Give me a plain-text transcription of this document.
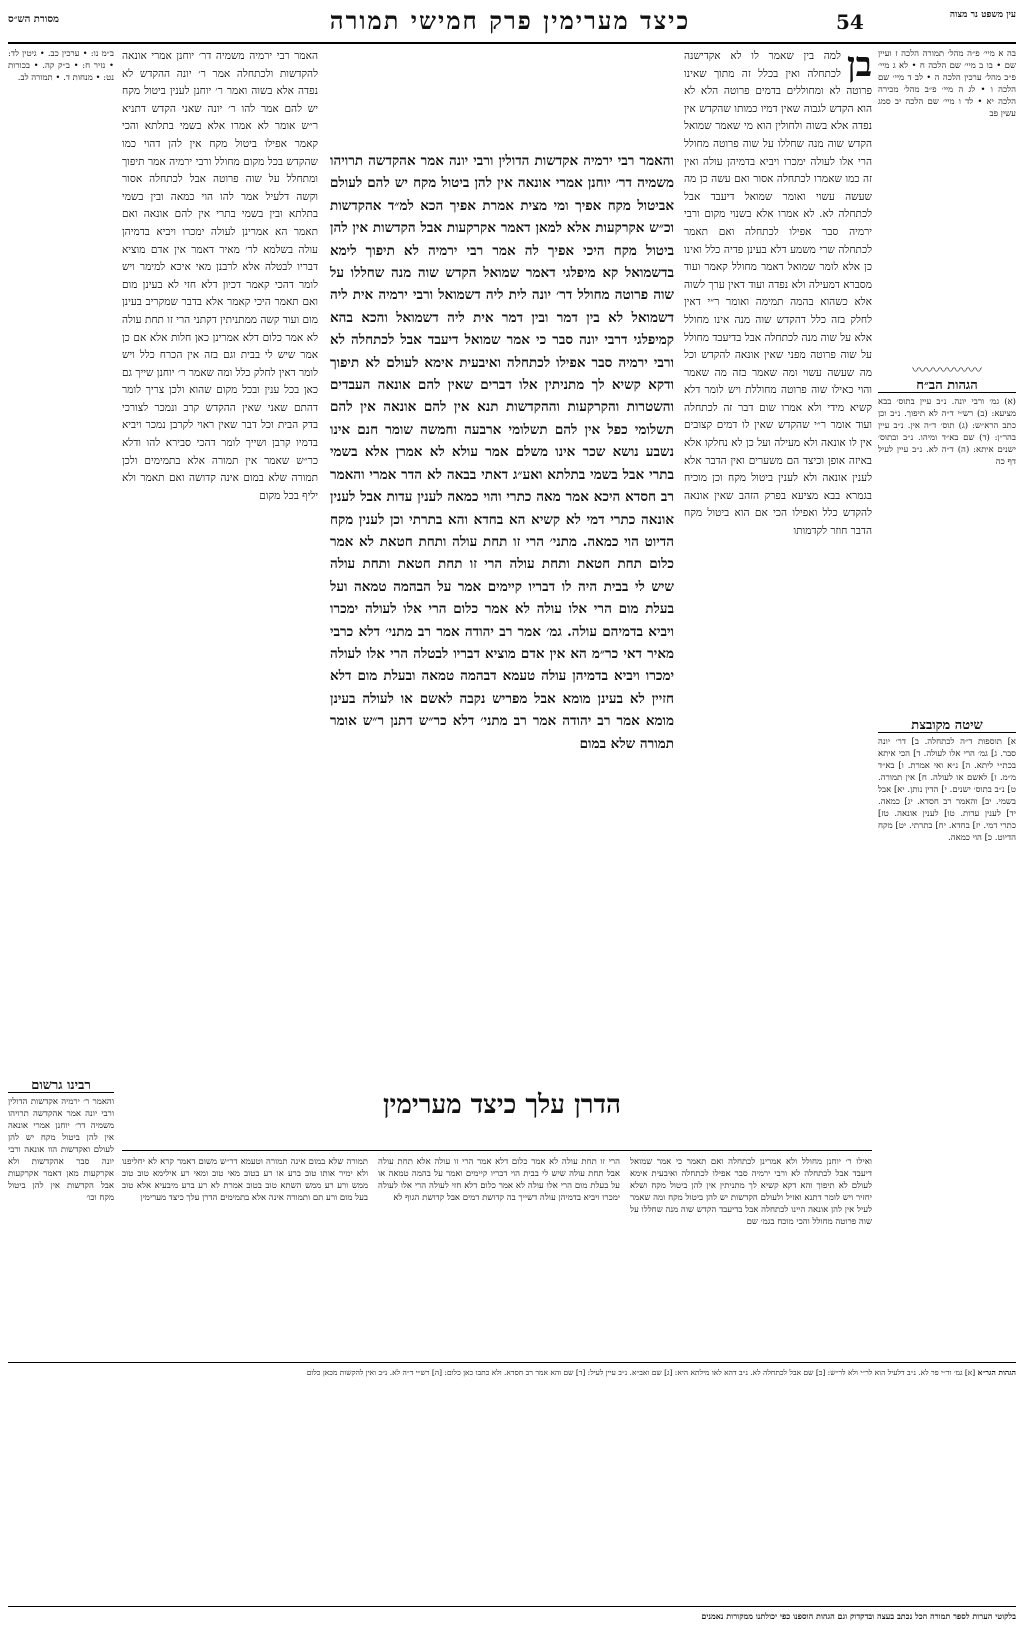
עין משפט נר מצוה
54
כיצד מערימין פרק חמישי תמורה
מסורת הש״ס
בה א מיי׳ פ״ה מהל׳ תמורה הלכה ז ועיין שם • בו ב מיי׳ שם הלכה ח • לא ג מיי׳ פ״ב מהל׳ ערכין הלכה ה • לב ד מיי׳ שם הלכה ו • לג ה מיי׳ פ״ב מהל׳ מכירה הלכה יא • לד ו מיי׳ שם הלכה יב סמג עשין פב
〰〰〰〰〰
הגהות הב״ח
(א) גמ׳ ורבי יונה. נ״ב עיין בתוס׳ בבא מציעא: (ב) רש״י ד״ה לא תיפוך. נ״ב וכן כתב הרא״ש: (ג) תוס׳ ד״ה אין. נ״ב עיין בהר״ן: (ד) שם בא״ד ומיהו. נ״ב ובתוס׳ ישנים איתא: (ה) ד״ה לא. נ״ב עיין לעיל דף כה
שיטה מקובצת
א] תוספות ד״ה לכתחלה. ב] דר׳ יונה סבר. ג] גמ׳ הרי אלו לעולה. ד] הכי איתא בכת״י ליתא. ה] נ״א ואי אמרת. ו] בא״ד מ״מ. ז] לאשם או לעולה. ח] אין תמורה. ט] נ״ב בתוס׳ ישנים. י] הדין נותן. יא] אבל בשמי. יב] והאמר רב חסדא. יג] כמאה. יד] לענין עדות. טו] לענין אונאה. טז] כתרי דמי. יז] בחדא. יח] בתרתי. יט] מקח הדיוט. כ] הוי כמאה.
ב״מ נו: • ערכין כב. • גיטין לד: • נזיר ח: • ב״ק קה. • בכורות נט: • מנחות ד. • תמורה לב.
רבינו גרשום
והאמר ר׳ ירמיה אקדשות הדולין ורבי יונה אמר אהקדשה תרויהו משמיה דר׳ יוחנן אמרי אונאה אין להן ביטול מקח יש להן לעולם ואקדשות הוו אונאה ורבי יונה סבר אהקדשות ולא אקרקעות מאן דאמר אקרקעות אבל הקדשות אין להן ביטול מקח וכו׳
בן
למה בין שאמר לו לא אקדישנה לכתחלה ואין בכלל זה מתוך שאינו פרוטה לא ומחוללים בדמים פרוטה הלא לא הוא הקדש לגבוה שאין דמיו כמותו שהקדש אין נפדה אלא בשוה ולחולין הוא מי שאמר שמואל הקדש שוה מנה שחללו על שוה פרוטה מחולל הרי אלו לעולה ימכרו ויביא בדמיהן עולה ואין זה כמו שאמרו לכתחלה אסור ואם עשה כן מה שעשה עשוי ואומר שמואל דיעבד אבל לכתחלה לא. לא אמרו אלא בשנוי מקום ורבי ירמיה סבר אפילו לכתחלה ואם תאמר לכתחלה שרי משמע דלא בעינן פדיה כלל ואינו כן אלא לומר שמואל דאמר מחולל קאמר ועוד מסברא דמעילה ולא נפדה ועוד דאין ערך לשוה אלא כשהוא בהמה תמימה ואומר ר״י דאין לחלק בזה כלל דהקדש שוה מנה אינו מחולל אלא על שוה מנה לכתחלה אבל בדיעבד מחולל על שוה פרוטה מפני שאין אונאה להקדש וכל מה שעשה עשוי ומה שאמר בזה מה שאמר והוי כאילו שוה פרוטה מחוללת ויש לומר דלא קשיא מידי ולא אמרו שום דבר זה לכתחלה ועוד אומר ר״י שהקדש שאין לו דמים קצובים אין לו אונאה ולא מעילה ועל כן לא נחלקו אלא באיזה אופן וכיצד הם משערים ואין הדבר אלא לענין אונאה ולא לענין ביטול מקח וכן מוכיח בגמרא בבא מציעא בפרק הזהב שאין אונאה להקדש כלל ואפילו הכי אם הוא ביטול מקח הדבר חוזר לקדמותו
האמר רבי ירמיה משמיה דר׳ יוחנן אמרי אונאה להקדשות ולכתחלה אמר ר׳ יונה ההקדש לא נפדה אלא בשוה ואמר ר׳ יוחנן לענין ביטול מקח יש להם אמר להו ר׳ יונה שאני הקדש דתניא ר״ש אומר לא אמרו אלא בשמי בתלתא והכי קאמר אפילו ביטול מקח אין להן דהוי כמו שהקדש בכל מקום מחולל ורבי ירמיה אמר תיפוך ומתחלל על שוה פרוטה אבל לכתחלה אסור וקשה דלעיל אמר להו הוי כמאה ובין בשמי בתלתא ובין בשמי בתרי אין להם אונאה ואם תאמר הא אמרינן לעולה ימכרו ויביא בדמיהן עולה בשלמא לר׳ מאיר דאמר אין אדם מוציא דבריו לבטלה אלא לרבנן מאי איכא למימר ויש לומר דהכי קאמר דכיון דלא חזי לא בעינן מום ואם תאמר היכי קאמר אלא בדבר שמקריב בעינן מום ועוד קשה ממתניתין דקתני הרי זו תחת עולה לא אמר כלום דלא אמרינן כאן חלות אלא אם כן אמר שיש לי בבית וגם בזה אין הכרח כלל ויש לומר דאין לחלק כלל ומה שאמר ר׳ יוחנן שייך גם כאן בכל ענין ובכל מקום שהוא ולכן צריך לומר דהתם שאני שאין ההקדש קרב ונמכר לצורכי בדק הבית וכל דבר שאין ראוי לקרבן נמכר ויביא בדמיו קרבן ושייך לומר דהכי סבירא להו ודלא כר״ש שאמר אין תמורה אלא בתמימים ולכן תמורה שלא במום אינה קדושה ואם תאמר ולא יליף בכל מקום
והאמר רבי ירמיה אקדשות הדולין ורבי יונה אמר אהקדשה תרויהו משמיה דר׳ יוחנן אמרי אונאה אין להן ביטול מקח יש להם לעולם אביטול מקח אפיך ומי מצית אמרת אפיך הכא למ״ד אהקדשות וכ״ש אקרקעות אלא למאן דאמר אקרקעות אבל הקדשות אין להן ביטול מקח היכי אפיך לה אמר רבי ירמיה לא תיפוך לימא בדשמואל קא מיפלגי דאמר שמואל הקדש שוה מנה שחללו על שוה פרוטה מחולל דר׳ יונה לית ליה דשמואל ורבי ירמיה אית ליה דשמואל לא בין דמר ובין דמר אית ליה דשמואל והכא בהא קמיפלגי דרבי יונה סבר כי אמר שמואל דיעבד אבל לכתחלה לא ורבי ירמיה סבר אפילו לכתחלה ואיבעית אימא לעולם לא תיפוך ודקא קשיא לך מתניתין אלו דברים שאין להם אונאה העבדים והשטרות והקרקעות וההקדשות תנא אין להם אונאה אין להם תשלומי כפל אין להם תשלומי ארבעה וחמשה שומר חנם אינו נשבע נושא שכר אינו משלם אמר עולא לא אמרן אלא בשמי בתרי אבל בשמי בתלתא ואע״ג דאתי בבאה לא הדר אמרי והאמר רב חסדא היכא אמר מאה כתרי והוי כמאה לענין עדות אבל לענין אונאה כתרי דמי לא קשיא הא בחדא והא בתרתי וכן לענין מקח הדיוט הוי כמאה. מתני׳ הרי זו תחת עולה ותחת חטאת לא אמר כלום תחת חטאת ותחת עולה הרי זו תחת חטאת ותחת עולה שיש לי בבית היה לו דבריו קיימים אמר על הבהמה טמאה ועל בעלת מום הרי אלו עולה לא אמר כלום הרי אלו לעולה ימכרו ויביא בדמיהם עולה. גמ׳ אמר רב יהודה אמר רב מתני׳ דלא כרבי מאיר דאי כר״מ הא אין אדם מוציא דבריו לבטלה הרי אלו לעולה ימכרו ויביא בדמיהן עולה טעמא דבהמה טמאה ובעלת מום דלא חזיין לא בעינן מומא אבל מפריש נקבה לאשם או לעולה בעינן מומא אמר רב יהודה אמר רב מתני׳ דלא כר״ש דתנן ר״ש אומר תמורה שלא במום
הדרן עלך כיצד מערימין
ואילו ר׳ יוחנן מחולל ולא אמרינן לכתחלה ואם תאמר כי אמר שמואל דיעבד אבל לכתחלה לא ורבי ירמיה סבר אפילו לכתחלה ואיבעית אימא לעולם לא תיפוך והא דקא קשיא לך מתניתין אין להן ביטול מקח ושלא יחזיר ויש לומר דתנא ואזיל ולעולם הקדשות יש להן ביטול מקח ומה שאמר לעיל אין להן אונאה היינו לכתחלה אבל בדיעבד הקדש שוה מנה שחללו על שוה פרוטה מחולל והכי מוכח בגמ׳ שם
הרי זו תחת עולה לא אמר כלום דלא אמר הרי זו עולה אלא תחת עולה אבל תחת עולה שיש לי בבית הוי דבריו קיימים ואמר על בהמה טמאה או על בעלת מום הרי אלו עולה לא אמר כלום דלא חזי לעולה הרי אלו לעולה ימכרו ויביא בדמיהן עולה דשייך בה קדושת דמים אבל קדושת הגוף לא
תמורה שלא במום אינה תמורה וטעמא דר״ש משום דאמר קרא לא יחליפנו ולא ימיר אותו טוב ברע או רע בטוב מאי טוב ומאי רע אילימא טוב טוב ממש ורע רע ממש השתא טוב בטוב אמרת לא רע ברע מיבעיא אלא טוב בעל מום ורע תם ותמורה אינה אלא בתמימים הדרן עלך כיצד מערימין
הגהות הגר״א [א] גמ׳ ור״י פר לא. נ״ב דלעיל הוא לר״י ולא לר״ש: [ב] שם אבל לכתחלה לא. נ״ב דהא לאו מילתא היא: [ג] שם ואב״א. נ״ב עיין לעיל: [ד] שם והא אמר רב חסדא. ולא כתבו כאן כלום: [ה] רש״י ד״ה לא. נ״ב ואין להקשות מכאן כלום
בלקוטי הערות לספר תמורה הכל נכתב בעצה ובדקדוק וגם הגהות הוספנו כפי יכולתנו ממקורות נאמנים
